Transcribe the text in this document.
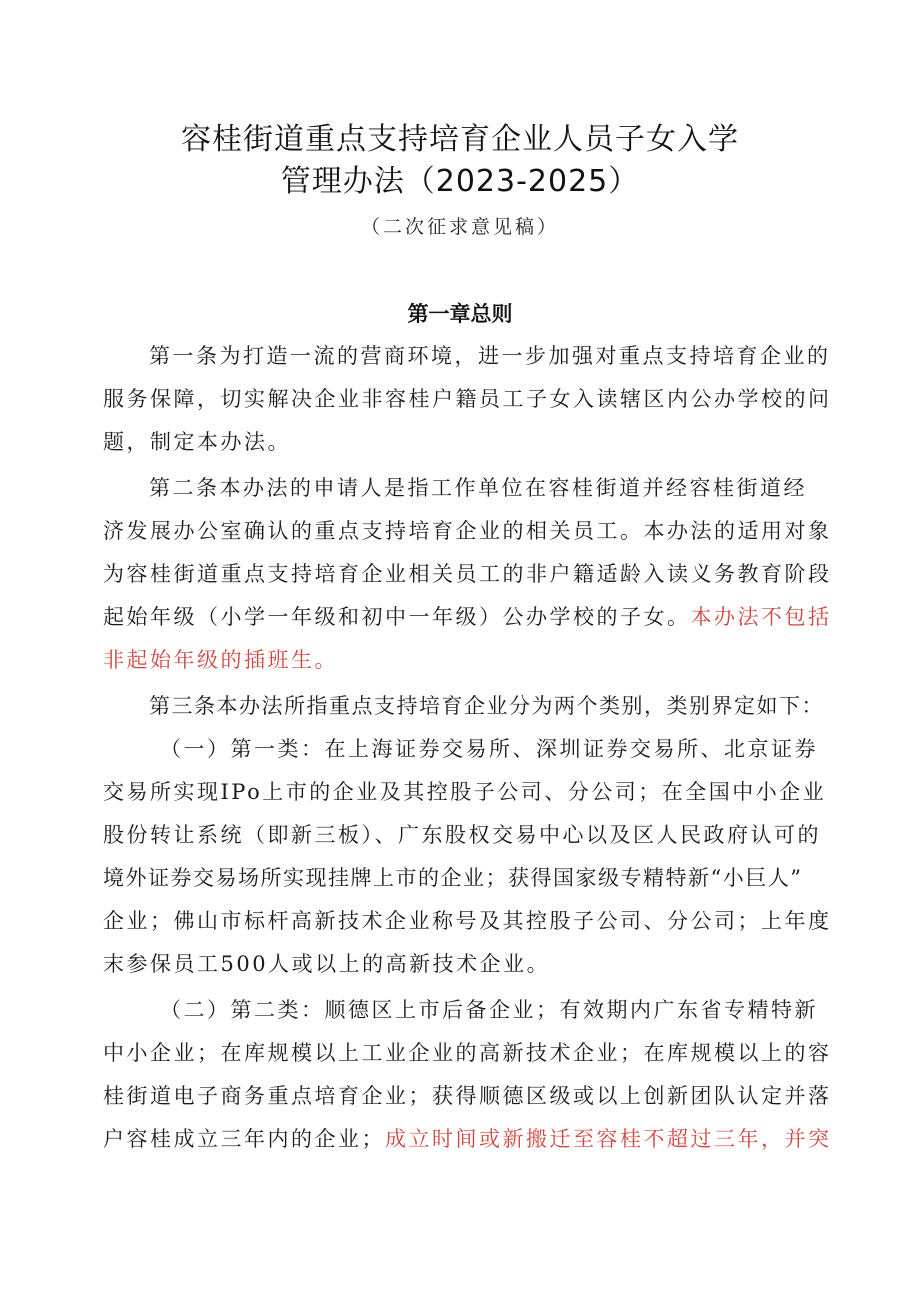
容桂街道重点支持培育企业人员子女入学
管理办法（2023-2025）
（二次征求意见稿）
第一章总则
第一条为打造一流的营商环境，进一步加强对重点支持培育企业的
服务保障，切实解决企业非容桂户籍员工子女入读辖区内公办学校的问
题，制定本办法。
第二条本办法的申请人是指工作单位在容桂街道并经容桂街道经
济发展办公室确认的重点支持培育企业的相关员工。本办法的适用对象
为容桂街道重点支持培育企业相关员工的非户籍适龄入读义务教育阶段
起始年级（小学一年级和初中一年级）公办学校的子女。本办法不包括
非起始年级的插班生。
第三条本办法所指重点支持培育企业分为两个类别，类别界定如下：
（一）第一类：在上海证券交易所、深圳证券交易所、北京证券
交易所实现IPo上市的企业及其控股子公司、分公司；在全国中小企业
股份转让系统（即新三板）、广东股权交易中心以及区人民政府认可的
境外证券交易场所实现挂牌上市的企业；获得国家级专精特新“小巨人”
企业；佛山市标杆高新技术企业称号及其控股子公司、分公司；上年度
末参保员工500人或以上的高新技术企业。
（二）第二类：顺德区上市后备企业；有效期内广东省专精特新
中小企业；在库规模以上工业企业的高新技术企业；在库规模以上的容
桂街道电子商务重点培育企业；获得顺德区级或以上创新团队认定并落
户容桂成立三年内的企业；成立时间或新搬迁至容桂不超过三年，并突
